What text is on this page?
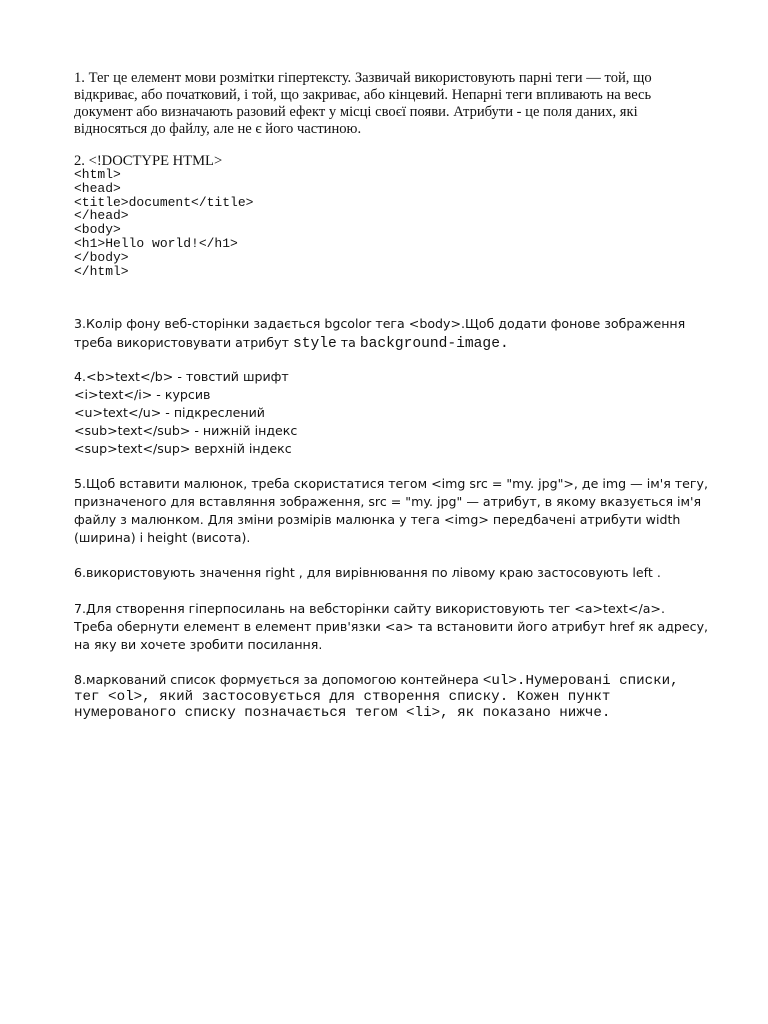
1. Тег це елемент мови розмітки гіпертексту. Зазвичай використовують парні теги — той, що
відкриває, або початковий, і той, що закриває, або кінцевий. Непарні теги впливають на весь
документ або визначають разовий ефект у місці своєї появи. Атрибути - це поля даних, які
відносяться до файлу, але не є його частиною.
2. <!DOCTYPE HTML>
<html>
<head>
<title>document</title>
</head>
<body>
<h1>Hello world!</h1>
</body>
</html>
3.Колір фону веб-сторінки задається bgcolor тега <body>.Щоб додати фонове зображення
треба використовувати атрибут style та background-image.
4.<b>text</b> - товстий шрифт
<i>text</i> - курсив
<u>text</u> - підкреслений
<sub>text</sub> - нижній індекс
<sup>text</sup> верхній індекс
5.Щоб вставити малюнок, треба скористатися тегом <img src = "my. jpg">, де img — ім'я тегу,
призначеного для вставляння зображення, src = "my. jpg" — атрибут, в якому вказується ім'я
файлу з малюнком. Для зміни розмірів малюнка у тега <img> передбачені атрибути width
(ширина) і height (висота).
6.використовують значення right , для вирівнювання по лівому краю застосовують left .
7.Для створення гіперпосилань на вебсторінки сайту використовують тег <a>text</a>.
Треба обернути елемент в елемент прив'язки <a> та встановити його атрибут href як адресу,
на яку ви хочете зробити посилання.
8.маркований список формується за допомогою контейнера <ul>.Нумеровані списки,
тег <ol>, який застосовується для створення списку. Кожен пункт
нумерованого списку позначається тегом <li>, як показано нижче.
